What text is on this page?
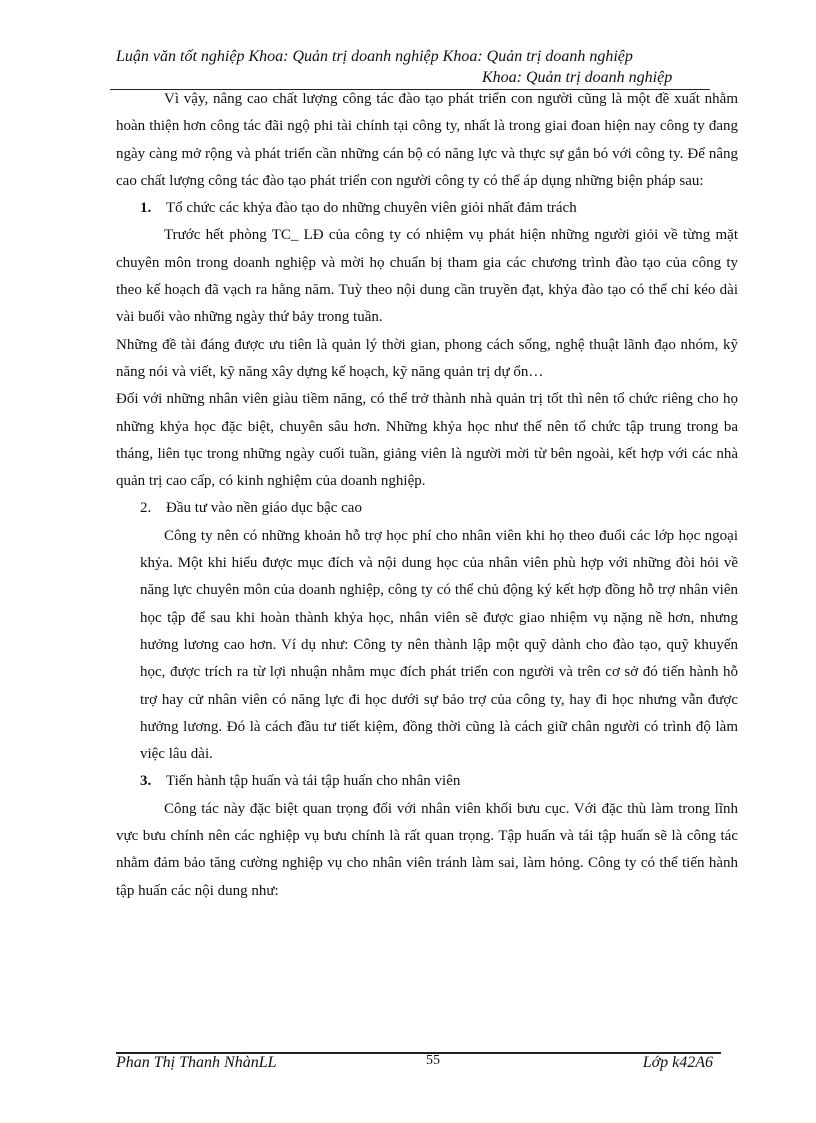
Luận văn tốt nghiệp Khoa: Quản trị doanh nghiệp Khoa: Quản trị doanh nghiệp
Khoa: Quản trị doanh nghiệp

Vì vậy, nâng cao chất lượng công tác đào tạo phát triển con người cũng là một đề xuất nhằm hoàn thiện hơn công tác đãi ngộ phi tài chính tại công ty, nhất là trong giai đoan hiện nay công ty đang ngày càng mở rộng và phát triển cần những cán bộ có năng lực và thực sự gắn bó với công ty. Để nâng cao chất lượng công tác đào tạo phát triển con người công ty có thể áp dụng những biện pháp sau:

1. Tổ chức các khỷa đào tạo do những chuyên viên giỏi nhất đảm trách

Trước hết phòng TC_ LĐ của công ty có nhiệm vụ phát hiện những người giỏi về từng mặt chuyên môn trong doanh nghiệp và mời họ chuẩn bị tham gia các chương trình đào tạo của công ty theo kế hoạch đã vạch ra hằng năm. Tuỳ theo nội dung cần truyền đạt, khỷa đào tạo có thể chỉ kéo dài vài buổi vào những ngày thứ bảy trong tuần.

Những đề tài đáng được ưu tiên là quản lý thời gian, phong cách sống, nghệ thuật lãnh đạo nhóm, kỹ năng nói và viết, kỹ năng xây dựng kế hoạch, kỹ năng quản trị dự ổn…

Đối với những nhân viên giàu tiềm năng, có thể trở thành nhà quản trị tốt thì nên tổ chức riêng cho họ những khỷa học đặc biệt, chuyên sâu hơn. Những khỷa học như thế nên tổ chức tập trung trong ba tháng, liên tục trong những ngày cuối tuần, giảng viên là người mời từ bên ngoài, kết hợp với các nhà quản trị cao cấp, có kinh nghiệm của doanh nghiệp.

2. Đầu tư vào nền giáo dục bậc cao

Công ty nên có những khoản hỗ trợ học phí cho nhân viên khi họ theo đuổi các lớp học ngoại khỷa. Một khi hiểu được mục đích và nội dung học của nhân viên phù hợp với những đòi hỏi về năng lực chuyên môn của doanh nghiệp, công ty có thể chủ động ký kết hợp đồng hỗ trợ nhân viên học tập để sau khi hoàn thành khỷa học, nhân viên sẽ được giao nhiệm vụ nặng nề hơn, nhưng hưởng lương cao hơn. Ví dụ như: Công ty nên thành lập một quỹ dành cho đào tạo, quỹ khuyến học, được trích ra từ lợi nhuận nhằm mục đích phát triển con người và trên cơ sở đó tiến hành hỗ trợ hay cử nhân viên có năng lực đi học dưới sự bảo trợ của công ty, hay đi học nhưng vẫn được hưởng lương. Đó là cách đầu tư tiết kiệm, đồng thời cũng là cách giữ chân người có trình độ làm việc lâu dài.

3. Tiến hành tập huấn và tái tập huấn cho nhân viên

Công tác này đặc biệt quan trọng đối với nhân viên khối bưu cục. Với đặc thù làm trong lĩnh vực bưu chính nên các nghiệp vụ bưu chính là rất quan trọng. Tập huấn và tái tập huấn sẽ là công tác nhằm đảm bảo tăng cường nghiệp vụ cho nhân viên tránh làm sai, làm hỏng. Công ty có thể tiến hành tập huấn các nội dung như:

Phan Thị Thanh NhànLL	55	Lớp k42A6
